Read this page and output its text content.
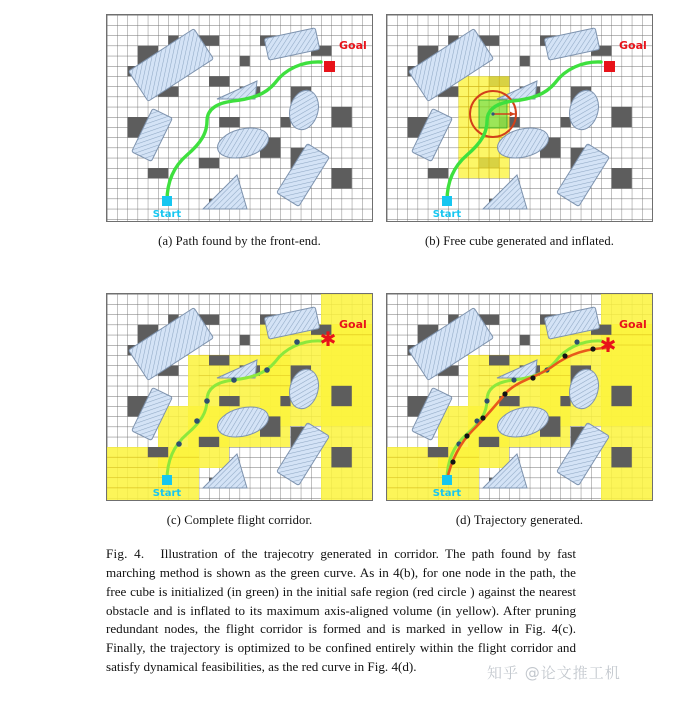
Start
Goal
(a) Path found by the front-end.
Start
Goal
(b) Free cube generated and inflated.
Start
✱
Goal
(c) Complete flight corridor.
Start
✱
Goal
(d) Trajectory generated.
Fig. 4. Illustration of the trajecotry generated in corridor. The path found by fast marching method is shown as the green curve. As in 4(b), for one node in the path, the free cube is initialized (in green) in the initial safe region (red circle ) against the nearest obstacle and is inflated to its maximum axis-aligned volume (in yellow). After pruning redundant nodes, the flight corridor is formed and is marked in yellow in Fig. 4(c). Finally, the trajectory is optimized to be confined entirely within the flight corridor and satisfy dynamical feasibilities, as the red curve in Fig. 4(d).	知乎 @论文推工机
